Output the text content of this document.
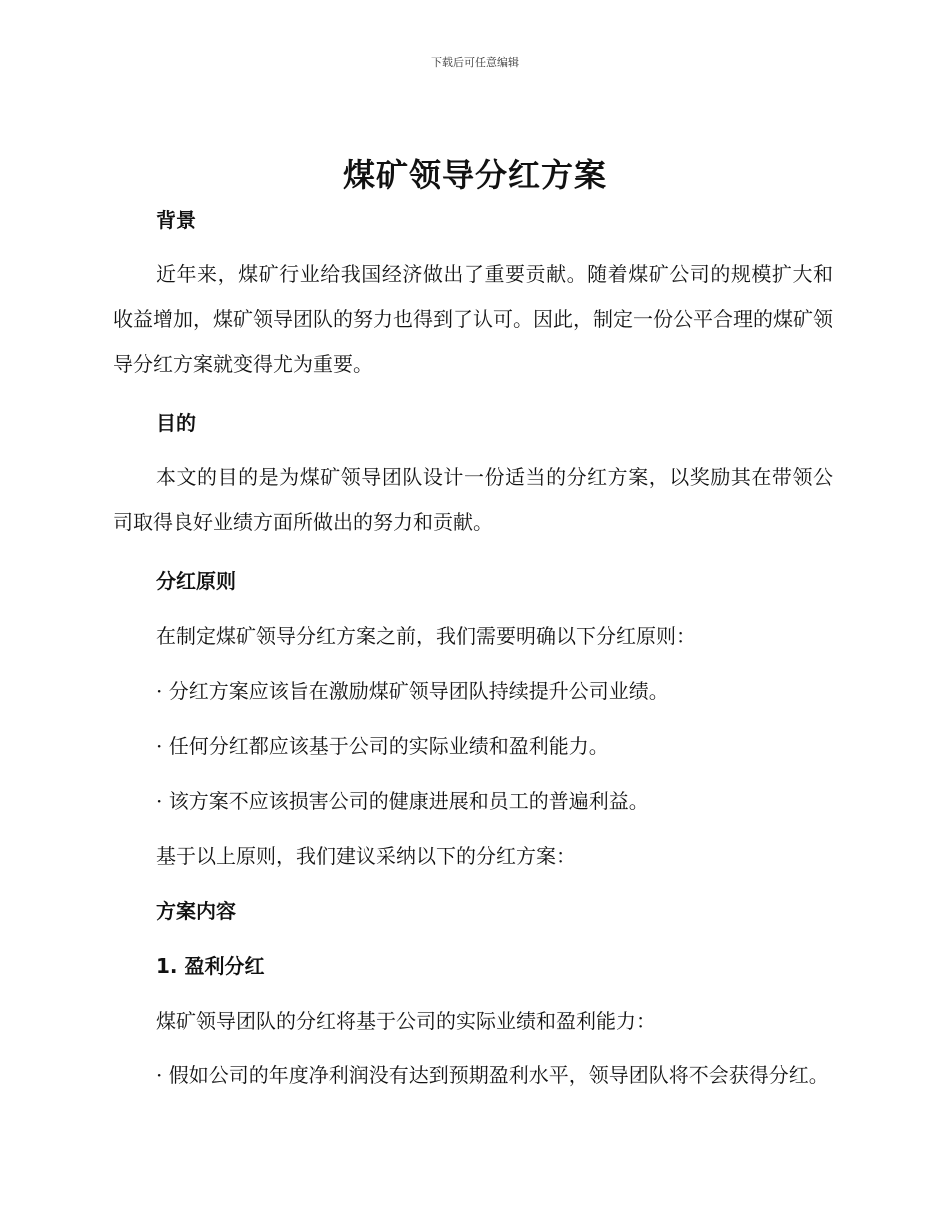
下载后可任意编辑
煤矿领导分红方案
背景
近年来，煤矿行业给我国经济做出了重要贡献。随着煤矿公司的规模扩大和收益增加，煤矿领导团队的努力也得到了认可。因此，制定一份公平合理的煤矿领导分红方案就变得尤为重要。
目的
本文的目的是为煤矿领导团队设计一份适当的分红方案，以奖励其在带领公司取得良好业绩方面所做出的努力和贡献。
分红原则
在制定煤矿领导分红方案之前，我们需要明确以下分红原则：
· 分红方案应该旨在激励煤矿领导团队持续提升公司业绩。
· 任何分红都应该基于公司的实际业绩和盈利能力。
· 该方案不应该损害公司的健康进展和员工的普遍利益。
基于以上原则，我们建议采纳以下的分红方案：
方案内容
1. 盈利分红
煤矿领导团队的分红将基于公司的实际业绩和盈利能力：
· 假如公司的年度净利润没有达到预期盈利水平，领导团队将不会获得分红。
